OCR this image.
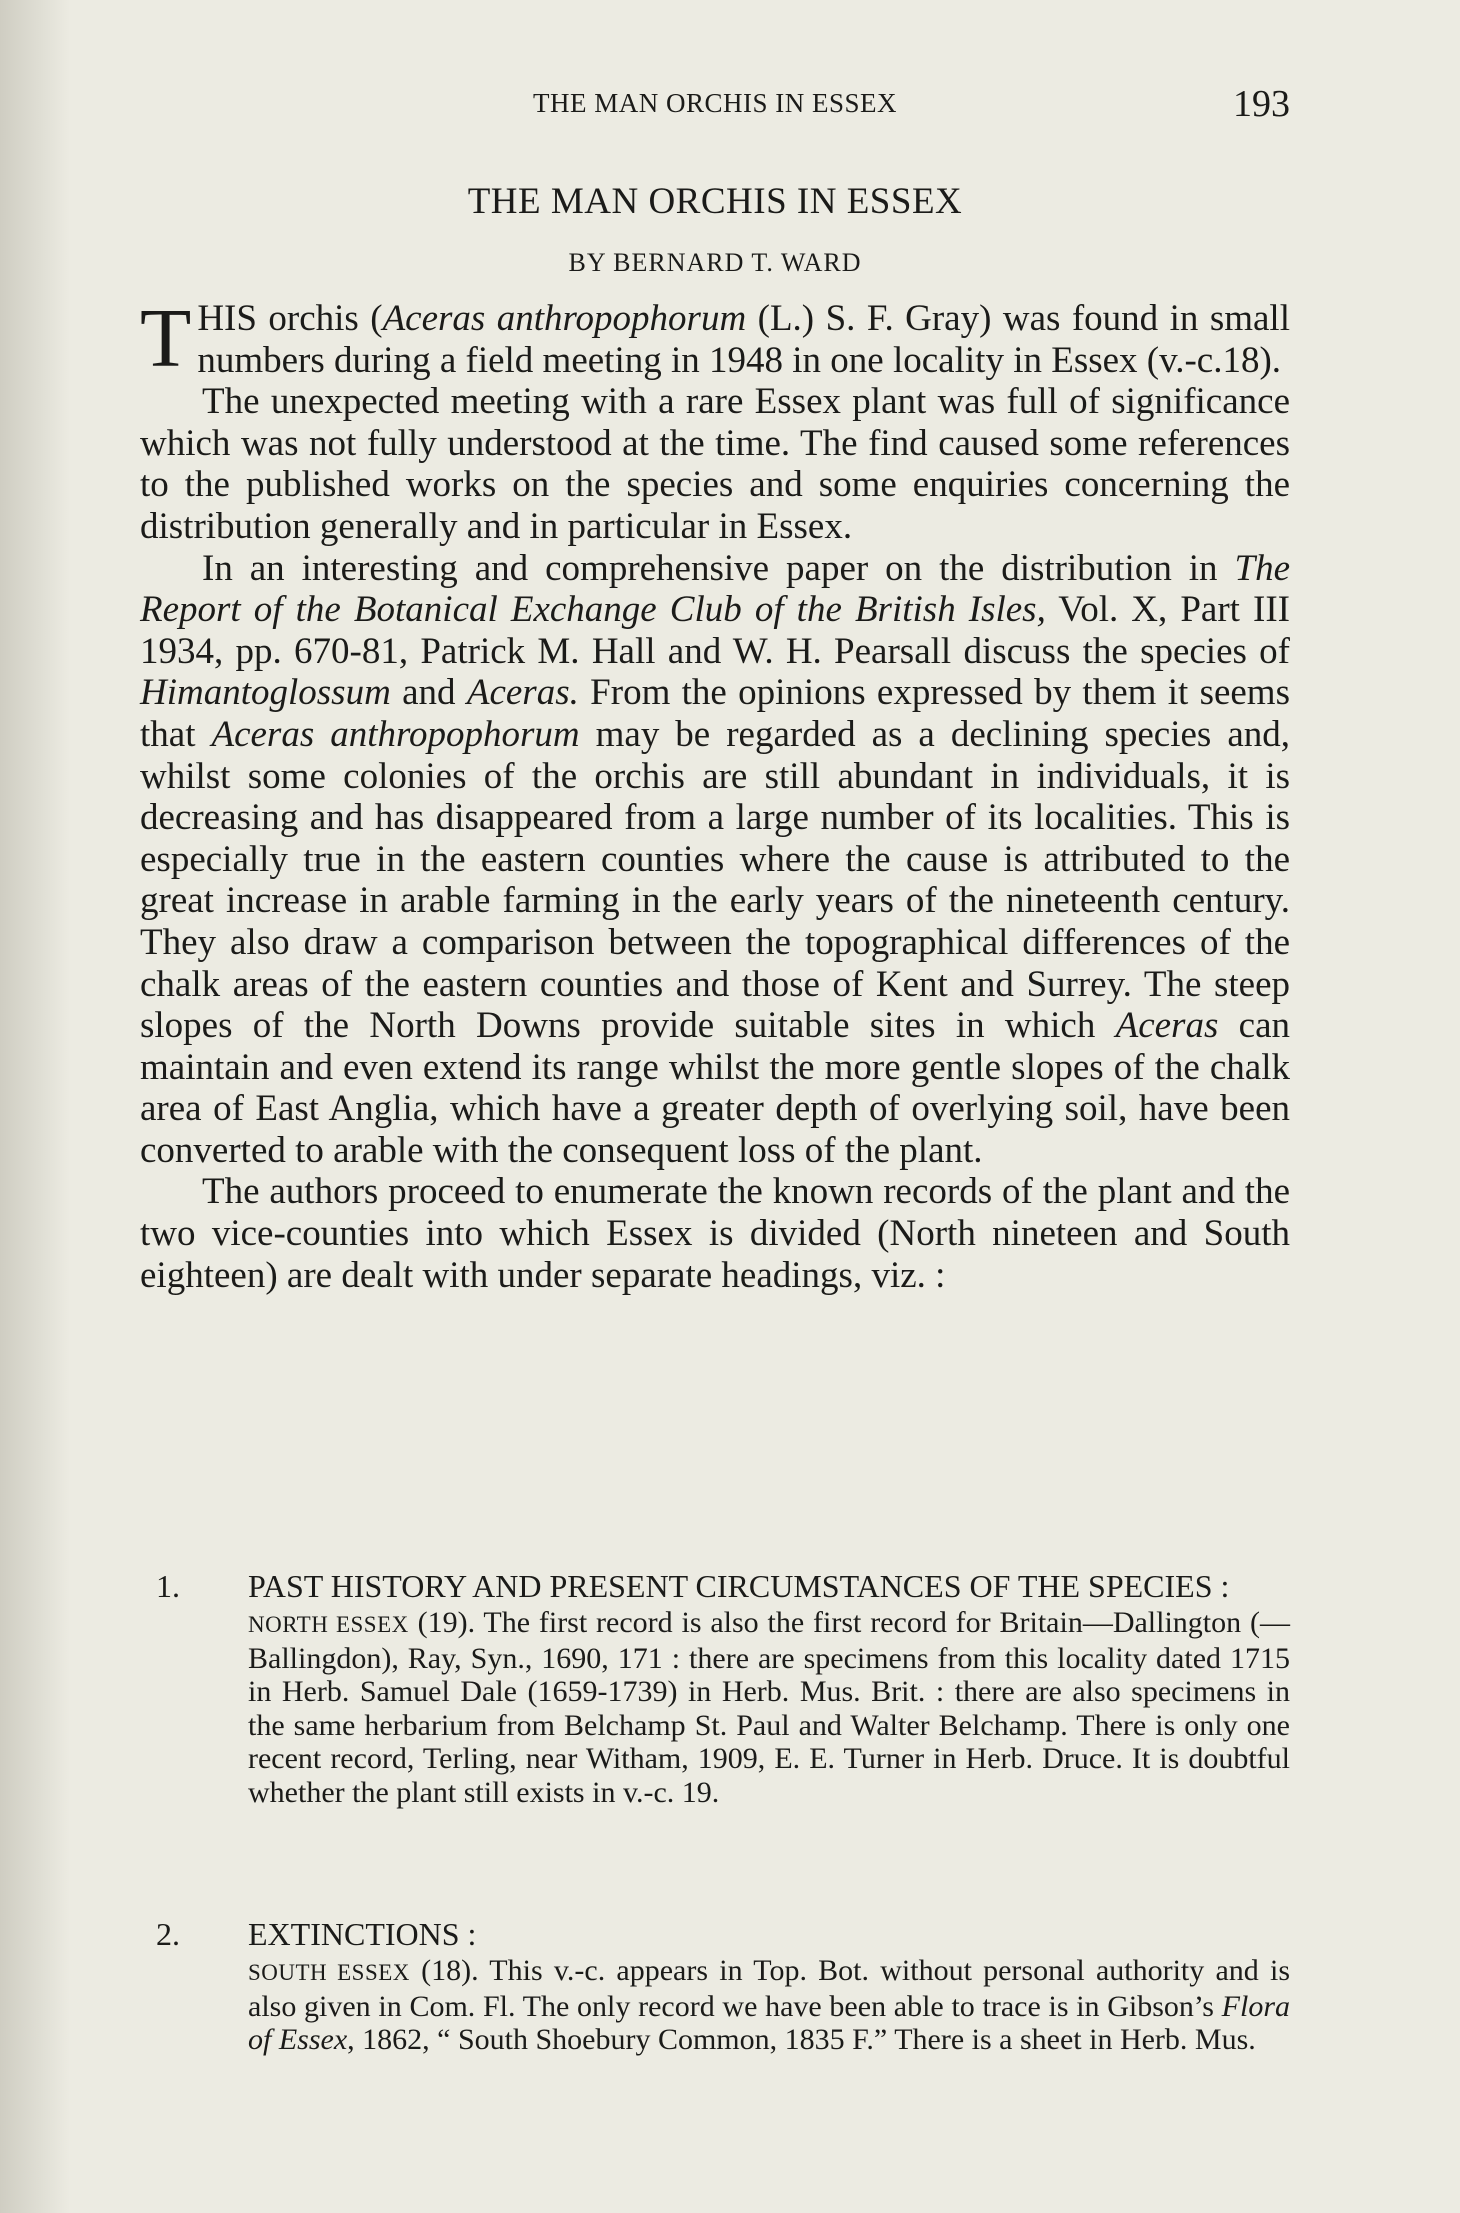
THE MAN ORCHIS IN ESSEX	193
THE MAN ORCHIS IN ESSEX
BY BERNARD T. WARD

THIS orchis (Aceras anthropophorum (L.) S. F. Gray) was found in small numbers during a field meeting in 1948 in one locality in Essex (v.-c.18).

The unexpected meeting with a rare Essex plant was full of significance which was not fully understood at the time. The find caused some references to the published works on the species and some enquiries concerning the distribution generally and in particular in Essex.

In an interesting and comprehensive paper on the distribution in The Report of the Botanical Exchange Club of the British Isles, Vol. X, Part III 1934, pp. 670-81, Patrick M. Hall and W. H. Pearsall discuss the species of Himantoglossum and Aceras. From the opinions expressed by them it seems that Aceras anthropophorum may be regarded as a declining species and, whilst some colonies of the orchis are still abundant in individuals, it is decreasing and has disappeared from a large number of its localities. This is especially true in the eastern counties where the cause is attributed to the great increase in arable farming in the early years of the nineteenth century. They also draw a comparison between the topographical differences of the chalk areas of the eastern counties and those of Kent and Surrey. The steep slopes of the North Downs provide suitable sites in which Aceras can maintain and even extend its range whilst the more gentle slopes of the chalk area of East Anglia, which have a greater depth of overlying soil, have been converted to arable with the consequent loss of the plant.

The authors proceed to enumerate the known records of the plant and the two vice-counties into which Essex is divided (North nineteen and South eighteen) are dealt with under separate headings, viz. :

1. PAST HISTORY AND PRESENT CIRCUMSTANCES OF THE SPECIES :
NORTH ESSEX (19). The first record is also the first record for Britain—Dallington (—Ballingdon), Ray, Syn., 1690, 171 : there are specimens from this locality dated 1715 in Herb. Samuel Dale (1659-1739) in Herb. Mus. Brit. : there are also specimens in the same herbarium from Belchamp St. Paul and Walter Belchamp. There is only one recent record, Terling, near Witham, 1909, E. E. Turner in Herb. Druce. It is doubtful whether the plant still exists in v.-c. 19.
2. EXTINCTIONS :
SOUTH ESSEX (18). This v.-c. appears in Top. Bot. without personal authority and is also given in Com. Fl. The only record we have been able to trace is in Gibson’s Flora of Essex, 1862, “ South Shoebury Common, 1835 F.” There is a sheet in Herb. Mus.
